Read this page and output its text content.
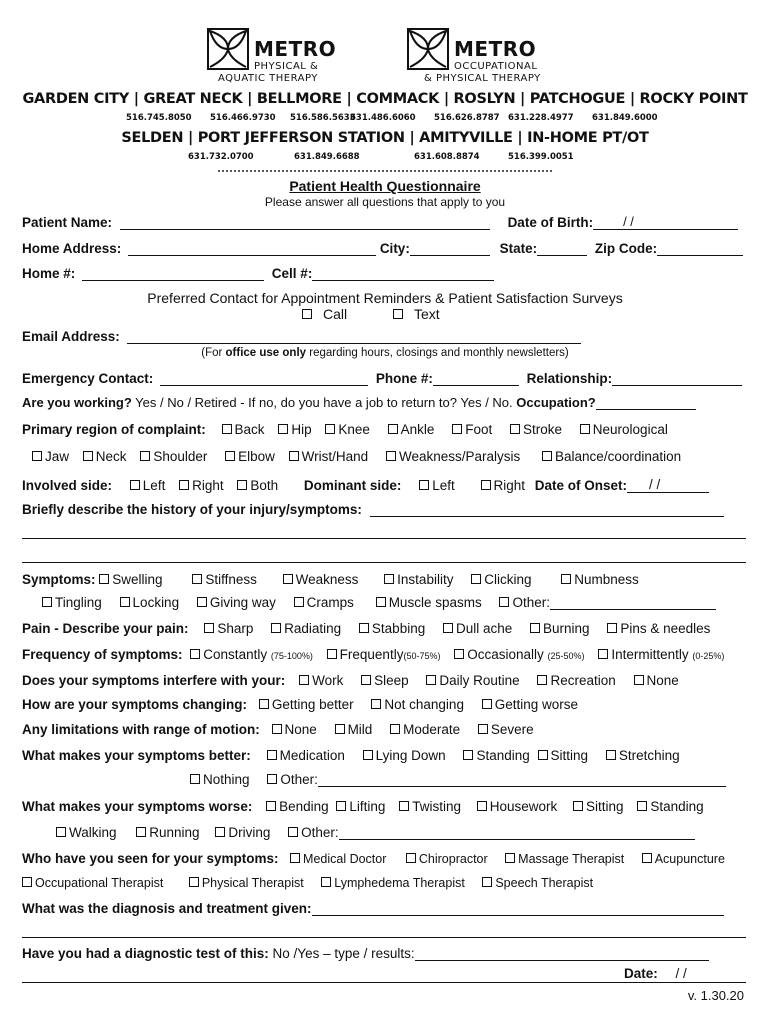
METRO
PHYSICAL &
AQUATIC THERAPY
METRO
OCCUPATIONAL
& PHYSICAL THERAPY
GARDEN CITY | GREAT NECK | BELLMORE | COMMACK | ROSLYN | PATCHOGUE | ROCKY POINT
516.745.8050 516.466.9730 516.586.5633
631.486.6060 516.626.8787 631.228.4977 631.849.6000
SELDEN | PORT JEFFERSON STATION | AMITYVILLE | IN-HOME PT/OT
631.732.0700	631.849.6688	631.608.8874	516.399.0051
Patient Health Questionnaire
Please answer all questions that apply to you
Patient Name:	Date of Birth: / /
Home Address:	City:	State:	Zip Code:
Home #:	Cell #:
Preferred Contact for Appointment Reminders & Patient Satisfaction Surveys
Call	Text
Email Address:
(For office use only regarding hours, closings and monthly newsletters)
Emergency Contact:	Phone #:	Relationship:
Are you working? Yes / No / Retired - If no, do you have a job to return to? Yes / No. Occupation?
Primary region of complaint: Back Hip Knee Ankle Foot Stroke Neurological
Jaw Neck Shoulder Elbow Wrist/Hand Weakness/Paralysis	Balance/coordination
Involved side: Left Right Both Dominant side: Left	Right Date of Onset: / /
Briefly describe the history of your injury/symptoms:
Symptoms: Swelling	Stiffness	Weakness	Instability Clicking	Numbness
Tingling Locking Giving way Cramps	Muscle spasms Other:
Pain - Describe your pain: Sharp Radiating Stabbing Dull ache Burning Pins & needles
Frequency of symptoms: Constantly (75-100%) Frequently(50-75%) Occasionally (25-50%) Intermittently (0-25%)
Does your symptoms interfere with your: Work Sleep Daily Routine Recreation None
How are your symptoms changing: Getting better Not changing Getting worse
Any limitations with range of motion: None Mild Moderate Severe
What makes your symptoms better: Medication Lying Down Standing Sitting Stretching
Nothing Other:
What makes your symptoms worse: Bending Lifting Twisting Housework Sitting Standing
Walking Running Driving Other:
Who have you seen for your symptoms: Medical Doctor	Chiropractor Massage Therapist Acupuncture
Occupational Therapist	Physical Therapist Lymphedema Therapist Speech Therapist
What was the diagnosis and treatment given:
Have you had a diagnostic test of this: No /Yes – type / results:
Date: / /
v. 1.30.20
